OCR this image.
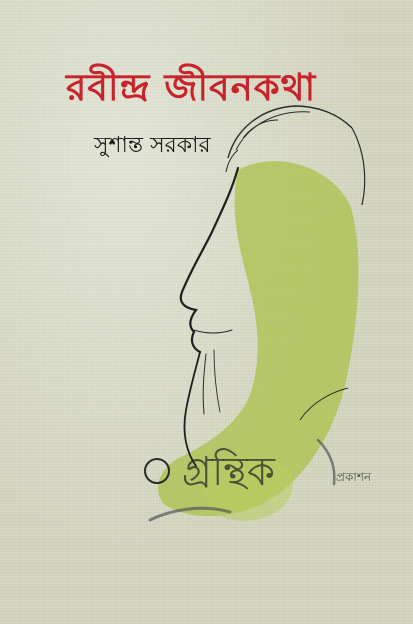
রবীন্দ্র জীবনকথা
সুশান্ত সরকার
গ্রন্থিক	প্রকাশন
